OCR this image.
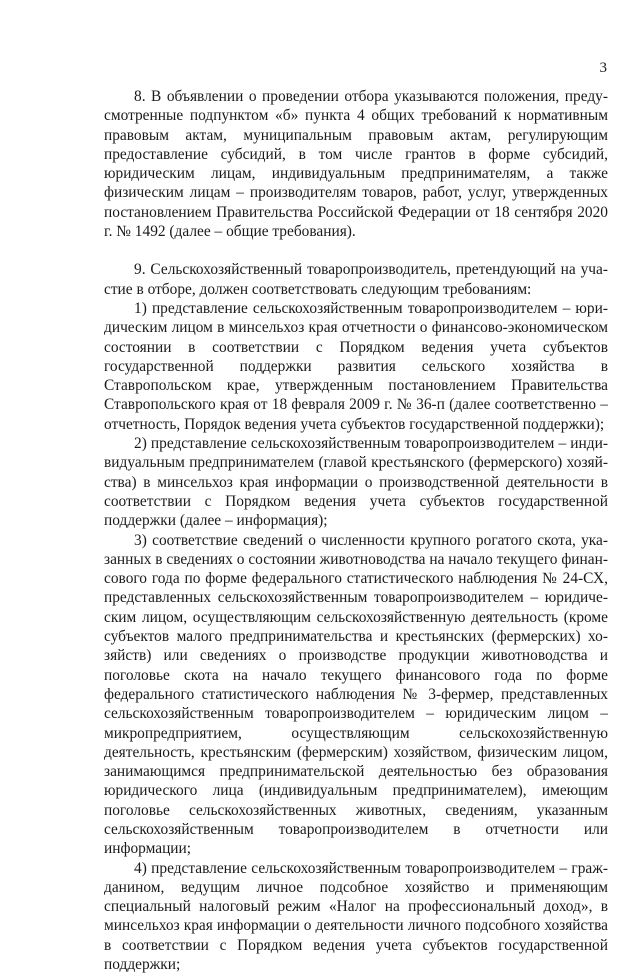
3

8. В объявлении о проведении отбора указываются положения, предусмотренные подпунктом «б» пункта 4 общих требований к нормативным правовым актам, муниципальным правовым актам, регулирующим предоставление субсидий, в том числе грантов в форме субсидий, юридическим лицам, индивидуальным предпринимателям, а также физическим лицам – производителям товаров, работ, услуг, утвержденных постановлением Правительства Российской Федерации от 18 сентября 2020 г. № 1492 (далее – общие требования).

9. Сельскохозяйственный товаропроизводитель, претендующий на участие в отборе, должен соответствовать следующим требованиям:

1) представление сельскохозяйственным товаропроизводителем – юридическим лицом в минсельхоз края отчетности о финансово-экономическом состоянии в соответствии с Порядком ведения учета субъектов государственной поддержки развития сельского хозяйства в Ставропольском крае, утвержденным постановлением Правительства Ставропольского края от 18 февраля 2009 г. № 36-п (далее соответственно – отчетность, Порядок ведения учета субъектов государственной поддержки);

2) представление сельскохозяйственным товаропроизводителем – индивидуальным предпринимателем (главой крестьянского (фермерского) хозяйства) в минсельхоз края информации о производственной деятельности в соответствии с Порядком ведения учета субъектов государственной поддержки (далее – информация);

3) соответствие сведений о численности крупного рогатого скота, указанных в сведениях о состоянии животноводства на начало текущего финансового года по форме федерального статистического наблюдения № 24-СХ, представленных сельскохозяйственным товаропроизводителем – юридическим лицом, осуществляющим сельскохозяйственную деятельность (кроме субъектов малого предпринимательства и крестьянских (фермерских) хозяйств) или сведениях о производстве продукции животноводства и поголовье скота на начало текущего финансового года по форме федерального статистического наблюдения № 3-фермер, представленных сельскохозяйственным товаропроизводителем – юридическим лицом – микропредприятием, осуществляющим сельскохозяйственную деятельность, крестьянским (фермерским) хозяйством, физическим лицом, занимающимся предпринимательской деятельностью без образования юридического лица (индивидуальным предпринимателем), имеющим поголовье сельскохозяйственных животных, сведениям, указанным сельскохозяйственным товаропроизводителем в отчетности или информации;

4) представление сельскохозяйственным товаропроизводителем – гражданином, ведущим личное подсобное хозяйство и применяющим специальный налоговый режим «Налог на профессиональный доход», в минсельхоз края информации о деятельности личного подсобного хозяйства в соответствии с Порядком ведения учета субъектов государственной поддержки;
